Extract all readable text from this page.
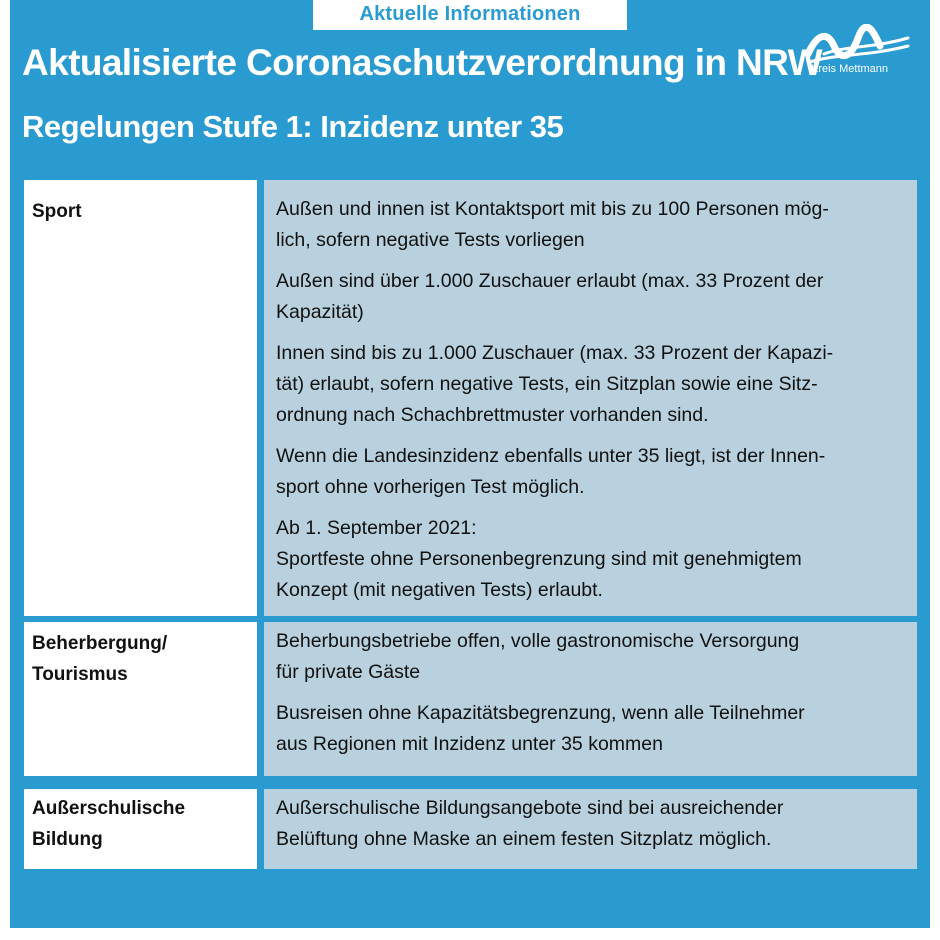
Aktuelle Informationen
Aktualisierte Coronaschutzverordnung in NRW
Regelungen Stufe 1: Inzidenz unter 35
Kreis Mettmann
Sport	Außen und innen ist Kontaktsport mit bis zu 100 Personen mög-
lich, sofern negative Tests vorliegen
Außen sind über 1.000 Zuschauer erlaubt (max. 33 Prozent der
Kapazität)
Innen sind bis zu 1.000 Zuschauer (max. 33 Prozent der Kapazi-
tät) erlaubt, sofern negative Tests, ein Sitzplan sowie eine Sitz-
ordnung nach Schachbrettmuster vorhanden sind.
Wenn die Landesinzidenz ebenfalls unter 35 liegt, ist der Innen-
sport ohne vorherigen Test möglich.
Ab 1. September 2021:
Sportfeste ohne Personenbegrenzung sind mit genehmigtem
Konzept (mit negativen Tests) erlaubt.
Beherbergung/
Tourismus
Beherbungsbetriebe offen, volle gastronomische Versorgung
für private Gäste
Busreisen ohne Kapazitätsbegrenzung, wenn alle Teilnehmer
aus Regionen mit Inzidenz unter 35 kommen
Außerschulische
Bildung
Außerschulische Bildungsangebote sind bei ausreichender
Belüftung ohne Maske an einem festen Sitzplatz möglich.
